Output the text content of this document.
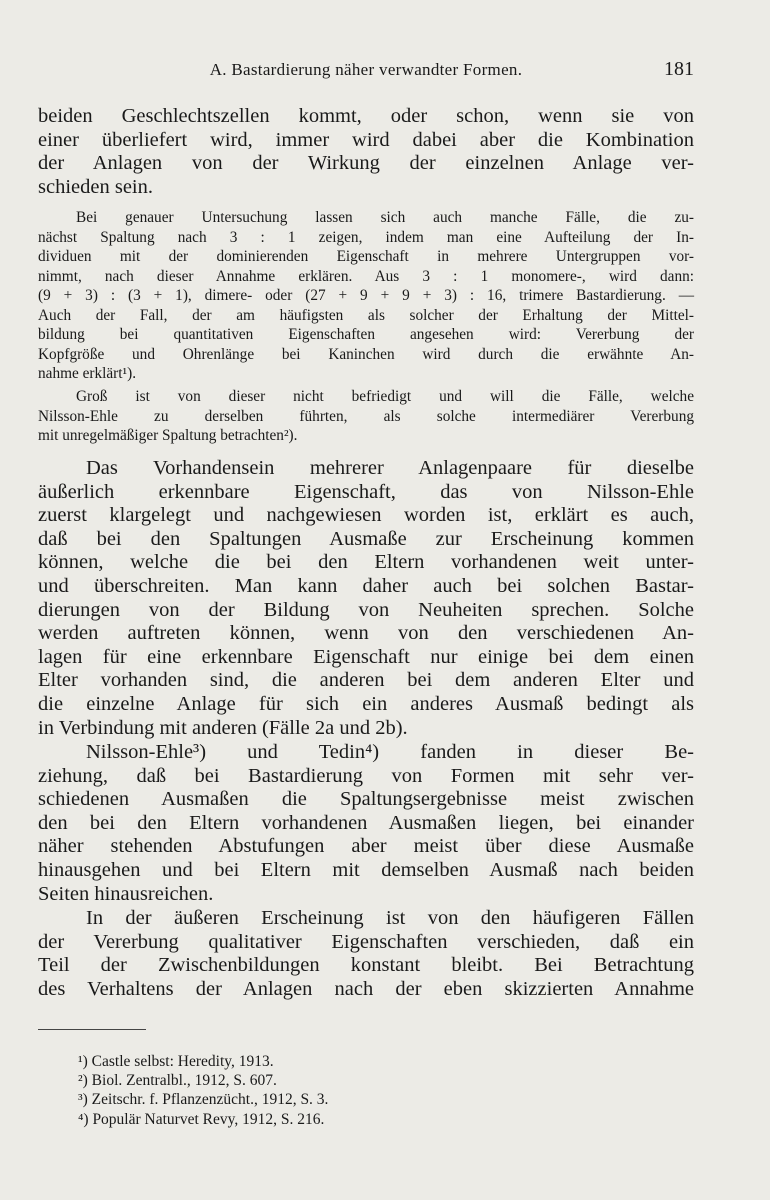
A. Bastardierung näher verwandter Formen.	181
beiden Geschlechtszellen kommt, oder schon, wenn sie von
einer überliefert wird, immer wird dabei aber die Kombination
der Anlagen von der Wirkung der einzelnen Anlage ver-
schieden sein.
Bei genauer Untersuchung lassen sich auch manche Fälle, die zu-
nächst Spaltung nach 3 : 1 zeigen, indem man eine Aufteilung der In-
dividuen mit der dominierenden Eigenschaft in mehrere Untergruppen vor-
nimmt, nach dieser Annahme erklären. Aus 3 : 1 monomere-, wird dann:
(9 + 3) : (3 + 1), dimere- oder (27 + 9 + 9 + 3) : 16, trimere Bastardierung. —
Auch der Fall, der am häufigsten als solcher der Erhaltung der Mittel-
bildung bei quantitativen Eigenschaften angesehen wird: Vererbung der
Kopfgröße und Ohrenlänge bei Kaninchen wird durch die erwähnte An-
nahme erklärt¹).
Groß ist von dieser nicht befriedigt und will die Fälle, welche
Nilsson-Ehle zu derselben führten, als solche intermediärer Vererbung
mit unregelmäßiger Spaltung betrachten²).
Das Vorhandensein mehrerer Anlagenpaare für dieselbe
äußerlich erkennbare Eigenschaft, das von Nilsson-Ehle
zuerst klargelegt und nachgewiesen worden ist, erklärt es auch,
daß bei den Spaltungen Ausmaße zur Erscheinung kommen
können, welche die bei den Eltern vorhandenen weit unter-
und überschreiten. Man kann daher auch bei solchen Bastar-
dierungen von der Bildung von Neuheiten sprechen. Solche
werden auftreten können, wenn von den verschiedenen An-
lagen für eine erkennbare Eigenschaft nur einige bei dem einen
Elter vorhanden sind, die anderen bei dem anderen Elter und
die einzelne Anlage für sich ein anderes Ausmaß bedingt als
in Verbindung mit anderen (Fälle 2a und 2b).
Nilsson-Ehle³) und Tedin⁴) fanden in dieser Be-
ziehung, daß bei Bastardierung von Formen mit sehr ver-
schiedenen Ausmaßen die Spaltungsergebnisse meist zwischen
den bei den Eltern vorhandenen Ausmaßen liegen, bei einander
näher stehenden Abstufungen aber meist über diese Ausmaße
hinausgehen und bei Eltern mit demselben Ausmaß nach beiden
Seiten hinausreichen.
In der äußeren Erscheinung ist von den häufigeren Fällen
der Vererbung qualitativer Eigenschaften verschieden, daß ein
Teil der Zwischenbildungen konstant bleibt. Bei Betrachtung
des Verhaltens der Anlagen nach der eben skizzierten Annahme
¹) Castle selbst: Heredity, 1913.
²) Biol. Zentralbl., 1912, S. 607.
³) Zeitschr. f. Pflanzenzücht., 1912, S. 3.
⁴) Populär Naturvet Revy, 1912, S. 216.
